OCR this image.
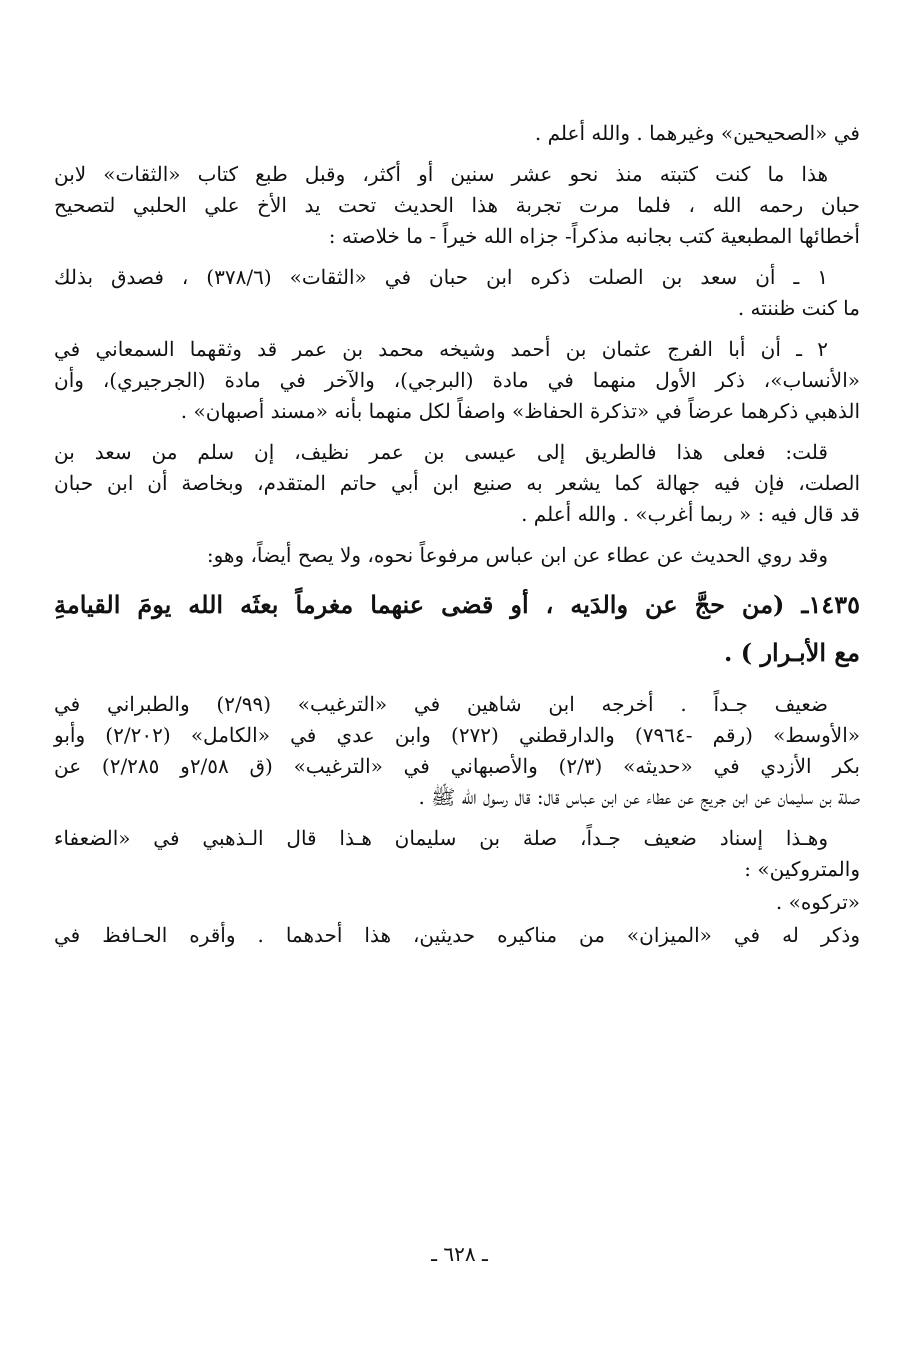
في «الصحيحين» وغيرهما . والله أعلم .
هذا ما كنت كتبته منذ نحو عشر سنين أو أكثر، وقبل طبع كتاب «الثقات» لابن
حبان رحمه الله ، فلما مرت تجربة هذا الحديث تحت يد الأخ علي الحلبي لتصحيح
أخطائها المطبعية كتب بجانبه مذكراً- جزاه الله خيراً - ما خلاصته :
١ ـ أن سعد بن الصلت ذكره ابن حبان في «الثقات» (٣٧٨/٦) ، فصدق بذلك
ما كنت ظننته .
٢ ـ أن أبا الفرج عثمان بن أحمد وشيخه محمد بن عمر قد وثقهما السمعاني في
«الأنساب»، ذكر الأول منهما في مادة (البرجي)، والآخر في مادة (الجرجيري)، وأن
الذهبي ذكرهما عرضاً في «تذكرة الحفاظ» واصفاً لكل منهما بأنه «مسند أصبهان» .
قلت: فعلى هذا فالطريق إلى عيسى بن عمر نظيف، إن سلم من سعد بن
الصلت، فإن فيه جهالة كما يشعر به صنيع ابن أبي حاتم المتقدم، وبخاصة أن ابن حبان
قد قال فيه : « ربما أغرب» . والله أعلم .
وقد روي الحديث عن عطاء عن ابن عباس مرفوعاً نحوه، ولا يصح أيضاً، وهو:
١٤٣٥ـ (من حجَّ عن والدَيه ، أو قضى عنهما مغرماً بعثَه الله يومَ القيامةِ
مع الأبـرار ) .
ضعيف جـداً . أخرجه ابن شاهين في «الترغيب» (٢/٩٩) والطبراني في
«الأوسط» (رقم -٧٩٦٤) والدارقطني (٢٧٢) وابن عدي في «الكامل» (٢/٢٠٢) وأبو
بكر الأزدي في «حديثه» (٢/٣) والأصبهاني في «الترغيب» (ق ٢/٥٨و ٢/٢٨٥) عن
صلة بن سليمان عن ابن جريج عن عطاء عن ابن عباس قال: قال رسول الله ﷺ .
وهـذا إسناد ضعيف جـداً، صلة بن سليمان هـذا قال الـذهبي في «الضعفاء
والمتروكين» :
«تركوه» .
وذكر له في «الميزان» من مناكيره حديثين، هذا أحدهما . وأقره الحـافظ في
ـ ٦٢٨ ـ
